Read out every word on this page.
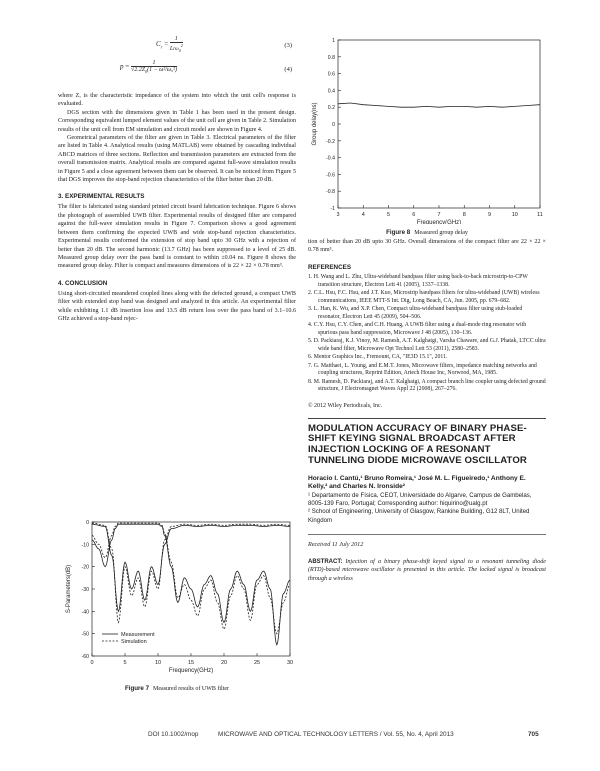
$C_r = \frac{1}{Lr\omega_0^2}$	(3)
$p = \frac{1}{√2.2Z_0(1 - \omega^2/\omega_0^2)}$	(4)

where Zₒ is the characteristic impedance of the system into which the unit cell's response is evaluated.

DGS section with the dimensions given in Table 1 has been used in the present design. Corresponding equivalent lumped element values of the unit cell are given in Table 2. Simulation results of the unit cell from EM simulation and circuit model are shown in Figure 4.

Geometrical parameters of the filter are given in Table 3. Electrical parameters of the filter are listed in Table 4. Analytical results (using MATLAB) were obtained by cascading individual ABCD matrices of three sections. Reflection and transmission parameters are extracted from the overall transmission matrix. Analytical results are compared against full-wave simulation results in Figure 5 and a close agreement between them can be observed. It can be noticed from Figure 5 that DGS improves the stop-band rejection characteristics of the filter better than 20 dB.

3. EXPERIMENTAL RESULTS

The filter is fabricated using standard printed circuit board fabrication technique. Figure 6 shows the photograph of assembled UWB filter. Experimental results of designed filter are compared against the full-wave simulation results in Figure 7. Comparison shows a good agreement between them confirming the expected UWB and wide stop-band rejection characteristics. Experimental results conformed the extension of stop band upto 30 GHz with a rejection of better than 20 dB. The second harmonic (13.7 GHz) has been suppressed to a level of 25 dB. Measured group delay over the pass band is constant to within ±0.04 ns. Figure 8 shows the measured group delay. Filter is compact and measures dimensions of is 22 × 22 × 0.78 mm³.

4. CONCLUSION

Using short-circuited meandered coupled lines along with the defected ground, a compact UWB filter with extended stop band was designed and analyzed in this article. An experimental filter while exhibiting 1.1 dB insertion loss and 13.5 dB return loss over the pass band of 3.1–10.6 GHz achieved a stop-band rejec-

0	5	10	15	20	25	30
0
-10
-20
-30
-40
-50
-60
Frequency(GHz)
S-Parameters(dB)
Measurement
Simulation
Figure 7 Measured results of UWB filter
3	4	5	6	7	8	9	10	11
-1
-0.8
-0.6
-0.4
-0.2
0
0.2
0.4
0.6
0.8
1
Frequency(GHz)
Group delay(ns)
Figure 8 Measured group delay

tion of better than 20 dB upto 30 GHz. Overall dimensions of the compact filter are 22 × 22 × 0.78 mm³.

REFERENCES

1. H. Wang and L. Zhu, Ultra-wideband bandpass filter using back-to-back microstrip-to-CPW transition structure, Electron Lett 41 (2005), 1337–1338.

2. C.L. Hsu, F.C. Hsu, and J.T. Kuo, Microstrip bandpass filters for ultra-wideband (UWB) wireless communications, IEEE MTT-S Int. Dig, Long Beach, CA, Jun. 2005, pp. 679–682.

3. L. Han, K. Wu, and X.P. Chen, Compact ultra-wideband bandpass filter using stub-loaded resonator, Electron Lett 45 (2009), 504–506.

4. C.Y. Hsu, C.Y. Chen, and C.H. Huang, A UWB filter using a dual-mode ring resonator with spurious pass band suppression, Microwave J 48 (2005), 130–136.

5. D. Packiaraj, K.J. Vinoy, M. Ramesh, A.T. Kalghatgi, Varsha Chaware, and G.J. Phatak, LTCC ultra wide band filter, Microwave Opt Technol Lett 53 (2011), 2580–2583.

6. Mentor Graphics Inc., Fremount, CA, "IE3D 15.1", 2011.

7. G. Matthaei, L. Young, and E.M.T. Jones, Microwave filters, impedance matching networks and coupling structures, Reprint Edition, Artech House Inc, Norwood, MA, 1985.

8. M. Ramesh, D. Packiaraj, and A.T. Kalghatgi, A compact branch line coupler using defected ground structure, J Electromagnet Waves Appl 22 (2008), 267–276.

© 2012 Wiley Periodicals, Inc.

MODULATION ACCURACY OF BINARY PHASE-SHIFT KEYING SIGNAL BROADCAST AFTER INJECTION LOCKING OF A RESONANT TUNNELING DIODE MICROWAVE OSCILLATOR
Horacio I. Cantú,¹ Bruno Romeira,¹ José M. L. Figueiredo,¹ Anthony E. Kelly,² and Charles N. Ironside²
¹ Departamento de Física, CEOT, Universidade do Algarve, Campus de Gambelas, 8005-139 Faro, Portugal; Corresponding author: hiquirino@ualg.pt
² School of Engineering, University of Glasgow, Rankine Building, G12 8LT, United Kingdom
Received 11 July 2012
ABSTRACT: Injection of a binary phase-shift keyed signal to a resonant tunneling diode (RTD)-based microwave oscillator is presented in this article. The locked signal is broadcast through a wireless
DOI 10.1002/mop	MICROWAVE AND OPTICAL TECHNOLOGY LETTERS / Vol. 55, No. 4, April 2013	705
